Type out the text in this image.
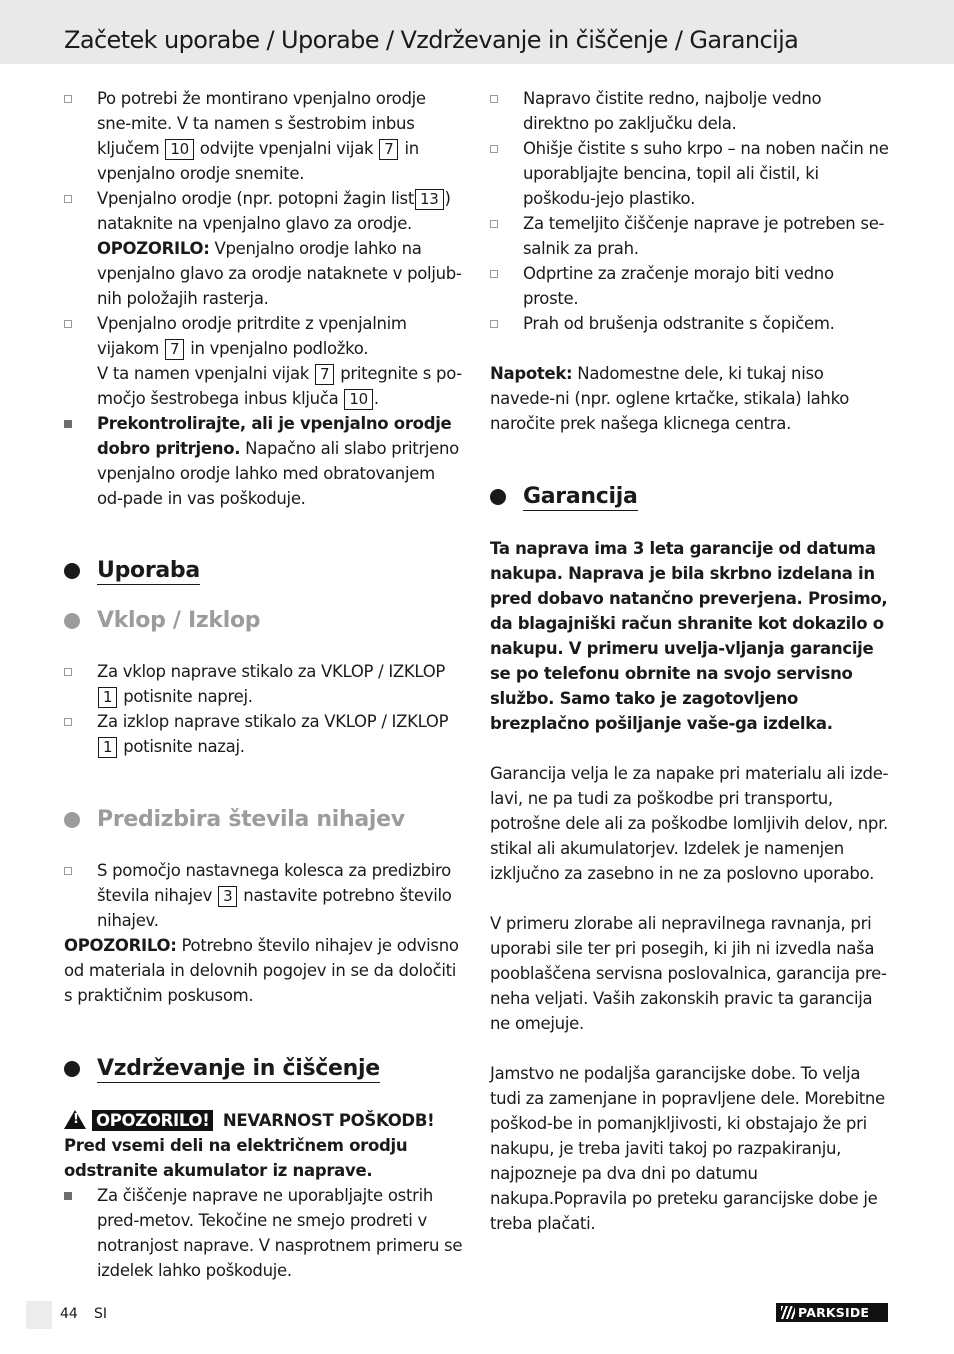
Začetek uporabe / Uporabe / Vzdrževanje in čiščenje / Garancija
Po potrebi že montirano vpenjalno orodje sne-mite. V ta namen s šestrobim inbus ključem 10 odvijte vpenjalni vijak 7 in vpenjalno orodje snemite.
Vpenjalno orodje (npr. potopni žagin list 13 ) nataknite na vpenjalno glavo za orodje.
OPOZORILO: Vpenjalno orodje lahko na vpenjalno glavo za orodje nataknete v poljub-nih položajih rasterja.
Vpenjalno orodje pritrdite z vpenjalnim vijakom 7 in vpenjalno podložko.
V ta namen vpenjalni vijak 7 pritegnite s po-močjo šestrobega inbus ključa 10 .
Prekontrolirajte, ali je vpenjalno orodje dobro pritrjeno. Napačno ali slabo pritrjeno vpenjalno orodje lahko med obratovanjem od-pade in vas poškoduje.
Uporaba
Vklop / Izklop
Za vklop naprave stikalo za VKLOP / IZKLOP 1 potisnite naprej.
Za izklop naprave stikalo za VKLOP / IZKLOP 1 potisnite nazaj.
Predizbira števila nihajev
S pomočjo nastavnega kolesca za predizbiro števila nihajev 3 nastavite potrebno število nihajev.
OPOZORILO: Potrebno število nihajev je odvisno od materiala in delovnih pogojev in se da določiti s praktičnim poskusom.
Vzdrževanje in čiščenje
! OPOZORILO! NEVARNOST POŠKODB! Pred vsemi deli na električnem orodju odstranite akumulator iz naprave.
Za čiščenje naprave ne uporabljajte ostrih pred-metov. Tekočine ne smejo prodreti v notranjost naprave. V nasprotnem primeru se izdelek lahko poškoduje.
Napravo čistite redno, najbolje vedno direktno po zaključku dela.
Ohišje čistite s suho krpo – na noben način ne uporabljajte bencina, topil ali čistil, ki poškodu-jejo plastiko.
Za temeljito čiščenje naprave je potreben se-salnik za prah.
Odprtine za zračenje morajo biti vedno proste.
Prah od brušenja odstranite s čopičem.
Napotek: Nadomestne dele, ki tukaj niso navede-ni (npr. oglene krtačke, stikala) lahko naročite prek našega klicnega centra.
Garancija
Ta naprava ima 3 leta garancije od datuma nakupa. Naprava je bila skrbno izdelana in pred dobavo natančno preverjena. Prosimo, da blagajniški račun shranite kot dokazilo o nakupu. V primeru uvelja-vljanja garancije se po telefonu obrnite na svojo servisno službo. Samo tako je zagotovljeno brezplačno pošiljanje vaše-ga izdelka.
Garancija velja le za napake pri materialu ali izde-lavi, ne pa tudi za poškodbe pri transportu, potrošne dele ali za poškodbe lomljivih delov, npr. stikal ali akumulatorjev. Izdelek je namenjen izključno za zasebno in ne za poslovno uporabo.
V primeru zlorabe ali nepravilnega ravnanja, pri uporabi sile ter pri posegih, ki jih ni izvedla naša pooblaščena servisna poslovalnica, garancija pre-neha veljati. Vaših zakonskih pravic ta garancija ne omejuje.
Jamstvo ne podaljša garancijske dobe. To velja tudi za zamenjane in popravljene dele. Morebitne poškod-be in pomanjkljivosti, ki obstajajo že pri nakupu, je treba javiti takoj po razpakiranju, najpozneje pa dva dni po datumu nakupa.Popravila po preteku garancijske dobe je treba plačati.
44 SI	PARKSIDE
